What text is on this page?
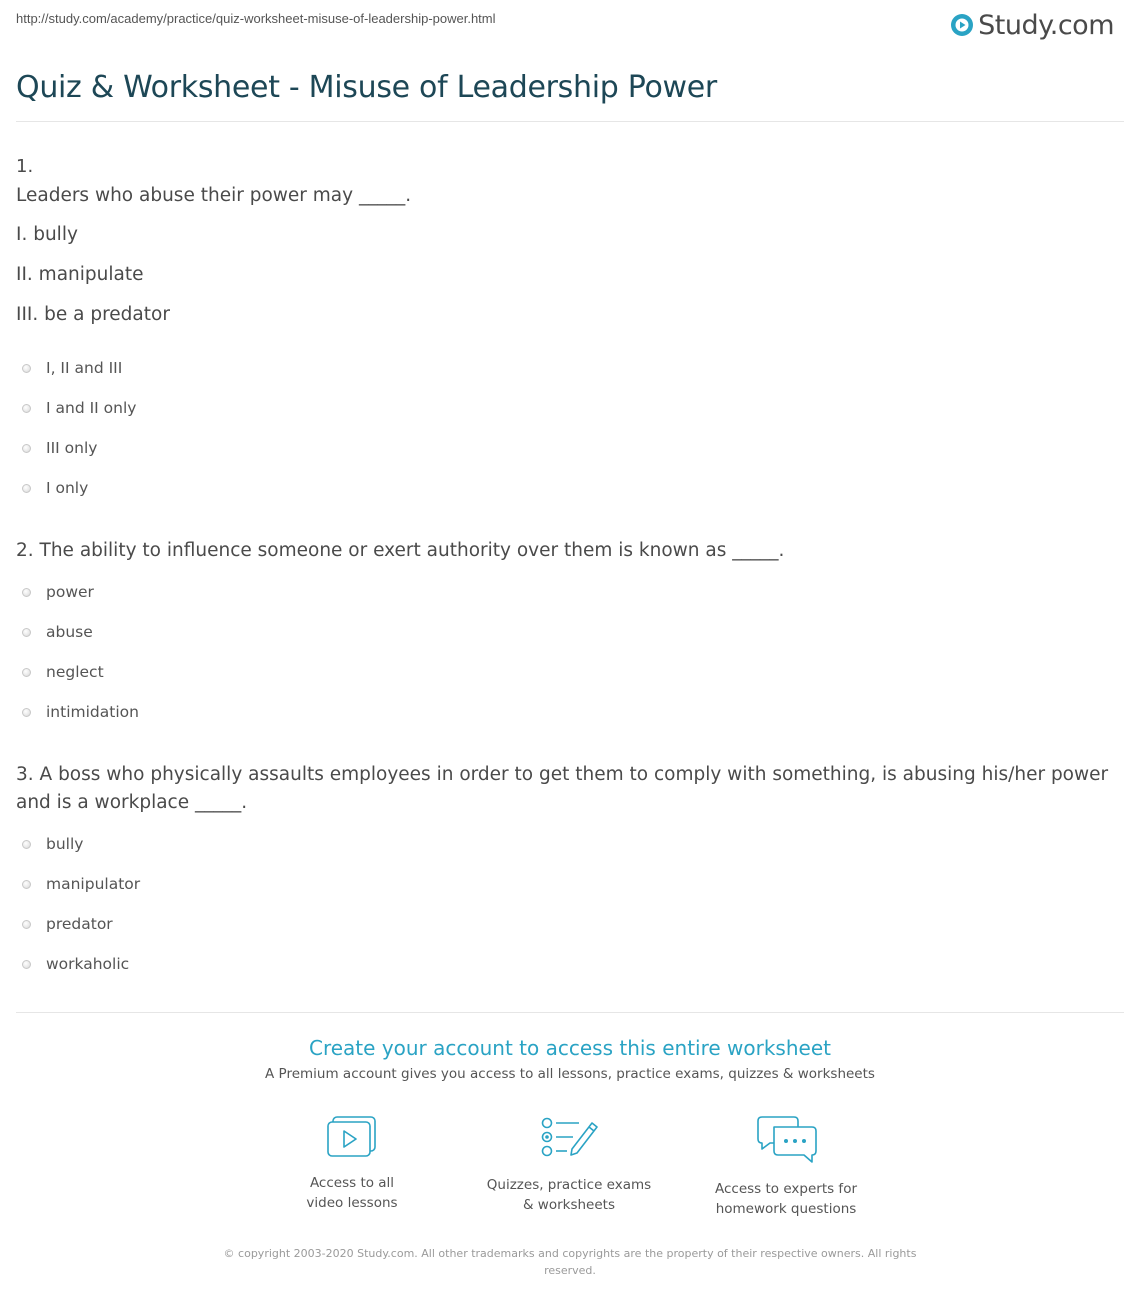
http://study.com/academy/practice/quiz-worksheet-misuse-of-leadership-power.html	Study.com
Quiz & Worksheet - Misuse of Leadership Power
1.
Leaders who abuse their power may _____.
I. bully
II. manipulate
III. be a predator
I, II and III
I and II only
III only
I only
2. The ability to influence someone or exert authority over them is known as _____.
power
abuse
neglect
intimidation
3. A boss who physically assaults employees in order to get them to comply with something, is abusing his/her power and is a workplace _____.
bully
manipulator
predator
workaholic
Create your account to access this entire worksheet
A Premium account gives you access to all lessons, practice exams, quizzes & worksheets
Access to all
video lessons
Quizzes, practice exams
& worksheets
Access to experts for
homework questions
© copyright 2003-2020 Study.com. All other trademarks and copyrights are the property of their respective owners. All rights
reserved.
